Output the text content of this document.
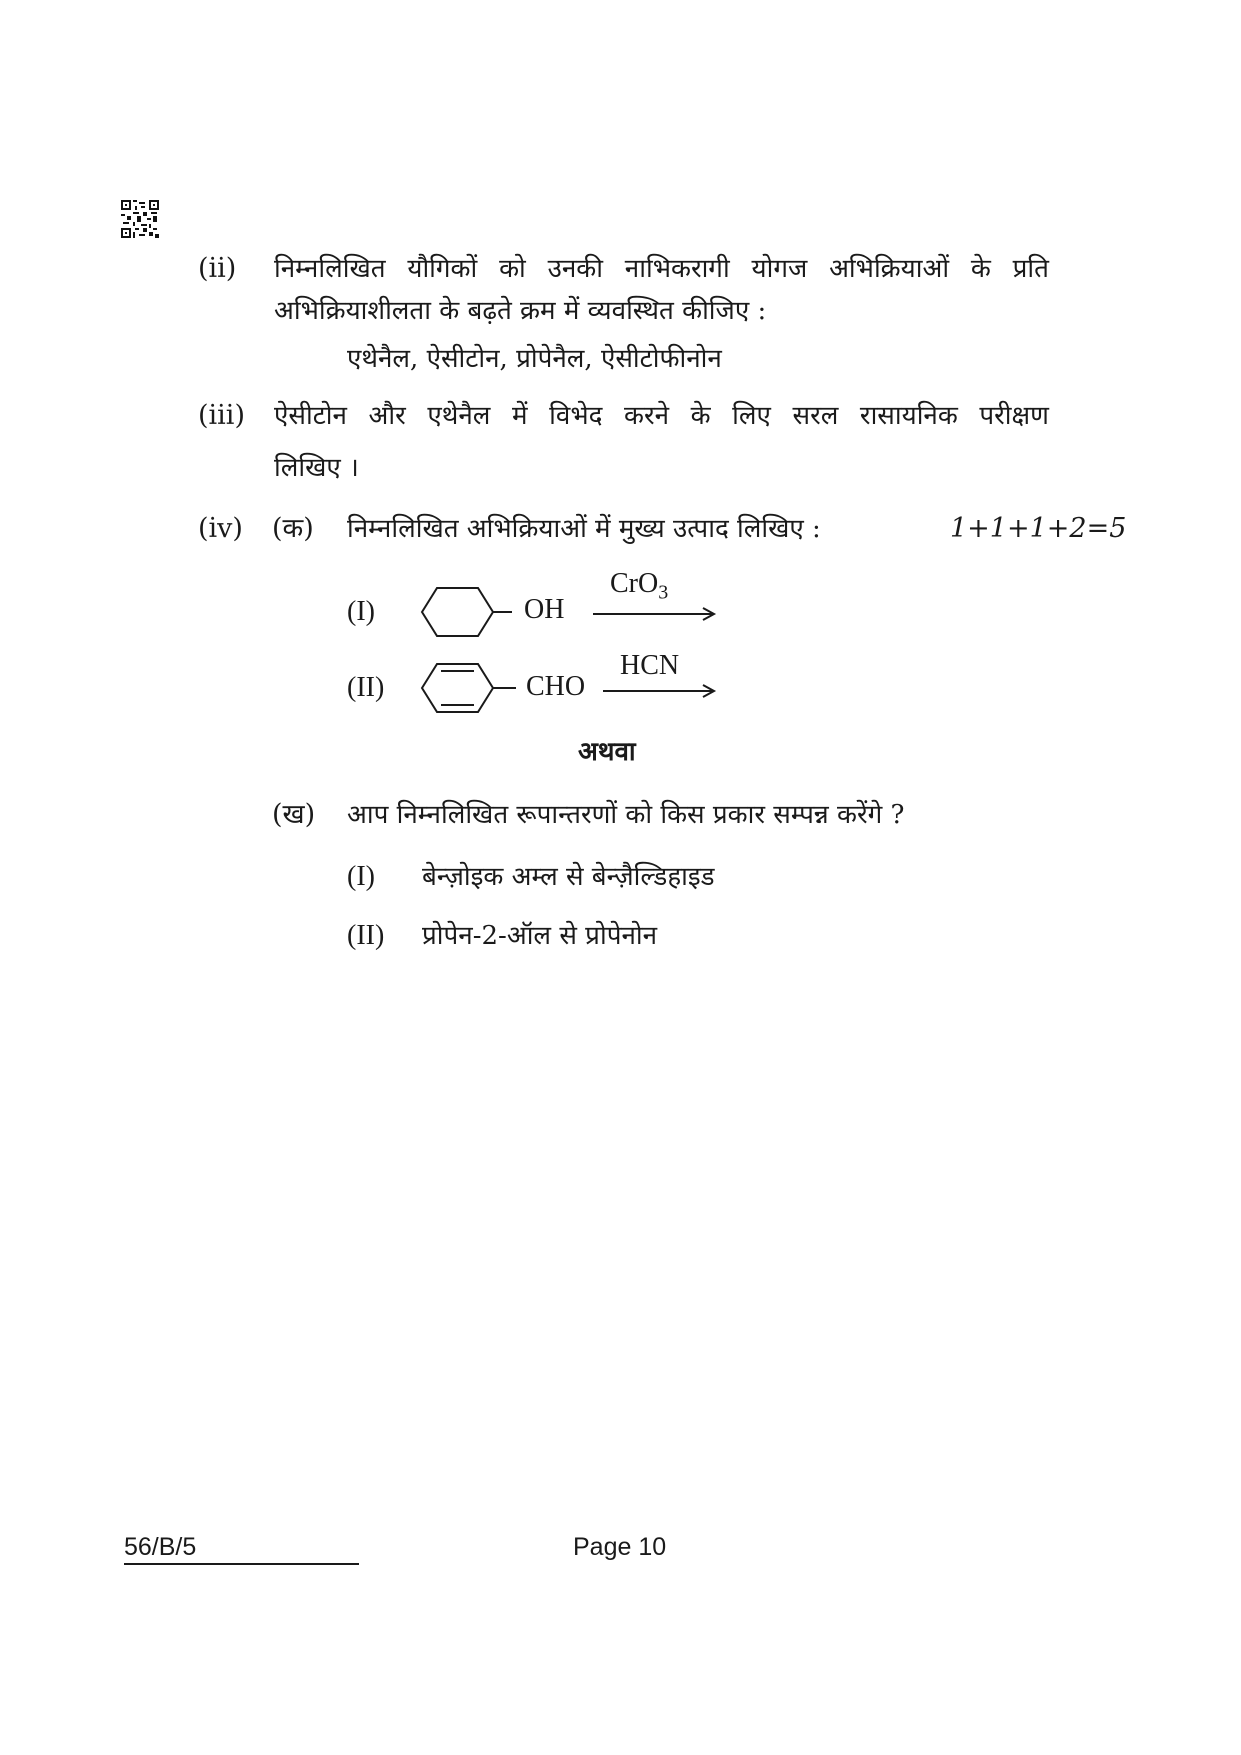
(ii) निम्नलिखित यौगिकों को उनकी नाभिकरागी योगज अभिक्रियाओं के प्रति
अभिक्रियाशीलता के बढ़ते क्रम में व्यवस्थित कीजिए :
एथेनैल, ऐसीटोन, प्रोपेनैल, ऐसीटोफीनोन
(iii) ऐसीटोन और एथेनैल में विभेद करने के लिए सरल रासायनिक परीक्षण
लिखिए ।
(iv) (क) निम्नलिखित अभिक्रियाओं में मुख्य उत्पाद लिखिए :	1+1+1+2=5
(I)	OH
CrO$_3$
(II)	CHO
HCN
अथवा
(ख) आप निम्नलिखित रूपान्तरणों को किस प्रकार सम्पन्न करेंगे ?
(I) बेन्ज़ोइक अम्ल से बेन्ज़ैल्डिहाइड
(II) प्रोपेन-2-ऑल से प्रोपेनोन
56/B/5	Page 10
